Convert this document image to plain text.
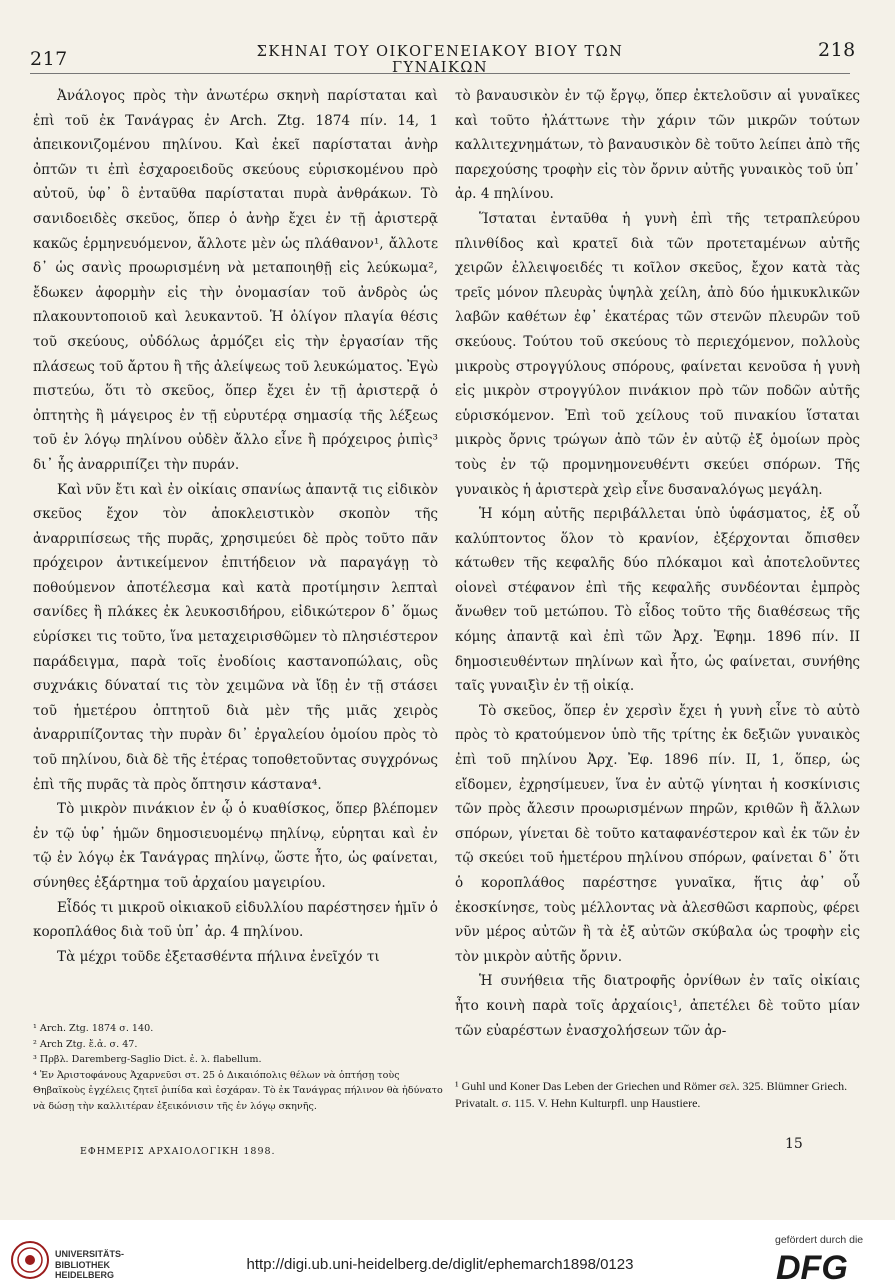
217	ΣΚΗΝΑΙ ΤΟΥ ΟΙΚΟΓΕΝΕΙΑΚΟΥ ΒΙΟΥ ΤΩΝ ΓΥΝΑΙΚΩΝ
218

Ἀνάλογος πρὸς τὴν ἀνωτέρω σκηνὴ παρίσταται καὶ ἐπὶ τοῦ ἐκ Τανάγρας ἐν Arch. Ztg. 1874 πίν. 14, 1 ἀπεικονιζομένου πηλίνου. Καὶ ἐκεῖ παρίσταται ἀνὴρ ὀπτῶν τι ἐπὶ ἐσχαροειδοῦς σκεύους εὑρισκομένου πρὸ αὐτοῦ, ὑφ᾽ ὃ ἐνταῦθα παρίσταται πυρὰ ἀνθράκων. Τὸ σανιδοειδὲς σκεῦος, ὅπερ ὁ ἀνὴρ ἔχει ἐν τῇ ἀριστερᾷ κακῶς ἑρμηνευόμενον, ἄλλοτε μὲν ὡς πλάθανον¹, ἄλλοτε δ᾽ ὡς σανὶς προωρισμένη νὰ μεταποιηθῇ εἰς λεύκωμα², ἔδωκεν ἀφορμὴν εἰς τὴν ὀνομασίαν τοῦ ἀνδρὸς ὡς πλακουντοποιοῦ καὶ λευκαντοῦ. Ἡ ὀλίγον πλαγία θέσις τοῦ σκεύους, οὐδόλως ἁρμόζει εἰς τὴν ἐργασίαν τῆς πλάσεως τοῦ ἄρτου ἢ τῆς ἀλείψεως τοῦ λευκώματος. Ἐγὼ πιστεύω, ὅτι τὸ σκεῦος, ὅπερ ἔχει ἐν τῇ ἀριστερᾷ ὁ ὀπτητὴς ἢ μάγειρος ἐν τῇ εὐρυτέρᾳ σημασίᾳ τῆς λέξεως τοῦ ἐν λόγῳ πηλίνου οὐδὲν ἄλλο εἶνε ἢ πρόχειρος ῥιπὶς³ δι᾽ ἧς ἀναρριπίζει τὴν πυράν.

Καὶ νῦν ἔτι καὶ ἐν οἰκίαις σπανίως ἀπαντᾷ τις εἰδικὸν σκεῦος ἔχον τὸν ἀποκλειστικὸν σκοπὸν τῆς ἀναρριπίσεως τῆς πυρᾶς, χρησιμεύει δὲ πρὸς τοῦτο πᾶν πρόχειρον ἀντικείμενον ἐπιτήδειον νὰ παραγάγῃ τὸ ποθούμενον ἀποτέλεσμα καὶ κατὰ προτίμησιν λεπταὶ σανίδες ἢ πλάκες ἐκ λευκοσιδήρου, εἰδικώτερον δ᾽ ὅμως εὑρίσκει τις τοῦτο, ἵνα μεταχειρισθῶμεν τὸ πλησιέστερον παράδειγμα, παρὰ τοῖς ἐνοδίοις καστανοπώλαις, οὓς συχνάκις δύναταί τις τὸν χειμῶνα νὰ ἴδῃ ἐν τῇ στάσει τοῦ ἡμετέρου ὀπτητοῦ διὰ μὲν τῆς μιᾶς χειρὸς ἀναρριπίζοντας τὴν πυρὰν δι᾽ ἐργαλείου ὁμοίου πρὸς τὸ τοῦ πηλίνου, διὰ δὲ τῆς ἑτέρας τοποθετοῦντας συγχρόνως ἐπὶ τῆς πυρᾶς τὰ πρὸς ὄπτησιν κάστανα⁴.

Τὸ μικρὸν πινάκιον ἐν ᾧ ὁ κυαθίσκος, ὅπερ βλέπομεν ἐν τῷ ὑφ᾽ ἡμῶν δημοσιευομένῳ πηλίνῳ, εὑρηται καὶ ἐν τῷ ἐν λόγῳ ἐκ Τανάγρας πηλίνῳ, ὥστε ἦτο, ὡς φαίνεται, σύνηθες ἐξάρτημα τοῦ ἀρχαίου μαγειρίου.

Εἶδός τι μικροῦ οἰκιακοῦ εἰδυλλίου παρέστησεν ἡμῖν ὁ κοροπλάθος διὰ τοῦ ὑπ᾽ ἀρ. 4 πηλίνου.

Τὰ μέχρι τοῦδε ἐξετασθέντα πήλινα ἐνεῖχόν τι

τὸ βαναυσικὸν ἐν τῷ ἔργῳ, ὅπερ ἐκτελοῦσιν αἱ γυναῖκες καὶ τοῦτο ἠλάττωνε τὴν χάριν τῶν μικρῶν τούτων καλλιτεχνημάτων, τὸ βαναυσικὸν δὲ τοῦτο λείπει ἀπὸ τῆς παρεχούσης τροφὴν εἰς τὸν ὄρνιν αὐτῆς γυναικὸς τοῦ ὑπ᾽ ἀρ. 4 πηλίνου.

Ἵσταται ἐνταῦθα ἡ γυνὴ ἐπὶ τῆς τετραπλεύρου πλινθίδος καὶ κρατεῖ διὰ τῶν προτεταμένων αὐτῆς χειρῶν ἐλλειψοειδές τι κοῖλον σκεῦος, ἔχον κατὰ τὰς τρεῖς μόνον πλευρὰς ὑψηλὰ χείλη, ἀπὸ δύο ἡμικυκλικῶν λαβῶν καθέτων ἐφ᾽ ἑκατέρας τῶν στενῶν πλευρῶν τοῦ σκεύους. Τούτου τοῦ σκεύους τὸ περιεχόμενον, πολλοὺς μικροὺς στρογγύλους σπόρους, φαίνεται κενοῦσα ἡ γυνὴ εἰς μικρὸν στρογγύλον πινάκιον πρὸ τῶν ποδῶν αὐτῆς εὑρισκόμενον. Ἐπὶ τοῦ χείλους τοῦ πινακίου ἵσταται μικρὸς ὄρνις τρώγων ἀπὸ τῶν ἐν αὐτῷ ἐξ ὁμοίων πρὸς τοὺς ἐν τῷ προμνημονευθέντι σκεύει σπόρων. Τῆς γυναικὸς ἡ ἀριστερὰ χεὶρ εἶνε δυσαναλόγως μεγάλη.

Ἡ κόμη αὐτῆς περιβάλλεται ὑπὸ ὑφάσματος, ἐξ οὗ καλύπτοντος ὅλον τὸ κρανίον, ἐξέρχονται ὄπισθεν κάτωθεν τῆς κεφαλῆς δύο πλόκαμοι καὶ ἀποτελοῦντες οἱονεὶ στέφανον ἐπὶ τῆς κεφαλῆς συνδέονται ἐμπρὸς ἄνωθεν τοῦ μετώπου. Τὸ εἶδος τοῦτο τῆς διαθέσεως τῆς κόμης ἀπαντᾷ καὶ ἐπὶ τῶν Ἀρχ. Ἐφημ. 1896 πίν. ΙΙ δημοσιευθέντων πηλίνων καὶ ἦτο, ὡς φαίνεται, συνήθης ταῖς γυναιξὶν ἐν τῇ οἰκίᾳ.

Τὸ σκεῦος, ὅπερ ἐν χερσὶν ἔχει ἡ γυνὴ εἶνε τὸ αὐτὸ πρὸς τὸ κρατούμενον ὑπὸ τῆς τρίτης ἐκ δεξιῶν γυναικὸς ἐπὶ τοῦ πηλίνου Ἀρχ. Ἐφ. 1896 πίν. ΙΙ, 1, ὅπερ, ὡς εἴδομεν, ἐχρησίμευεν, ἵνα ἐν αὐτῷ γίνηται ἡ κοσκίνισις τῶν πρὸς ἄλεσιν προωρισμένων πηρῶν, κριθῶν ἢ ἄλλων σπόρων, γίνεται δὲ τοῦτο καταφανέστερον καὶ ἐκ τῶν ἐν τῷ σκεύει τοῦ ἡμετέρου πηλίνου σπόρων, φαίνεται δ᾽ ὅτι ὁ κοροπλάθος παρέστησε γυναῖκα, ἥτις ἀφ᾽ οὗ ἐκοσκίνησε, τοὺς μέλλοντας νὰ ἀλεσθῶσι καρποὺς, φέρει νῦν μέρος αὐτῶν ἢ τὰ ἐξ αὐτῶν σκύβαλα ὡς τροφὴν εἰς τὸν μικρὸν αὐτῆς ὄρνιν.

Ἡ συνήθεια τῆς διατροφῆς ὀρνίθων ἐν ταῖς οἰκίαις ἦτο κοινὴ παρὰ τοῖς ἀρχαίοις¹, ἀπετέλει δὲ τοῦτο μίαν τῶν εὐαρέστων ἐνασχολήσεων τῶν ἀρ-

¹ Arch. Ztg. 1874 σ. 140.

² Arch Ztg. ἔ.ἀ. σ. 47.

³ Πρβλ. Daremberg-Saglio Dict. ἐ. λ. flabellum.

⁴ Ἐν Ἀριστοφάνους Ἀχαρνεῦσι στ. 25 ὁ Δικαιόπολις θέλων νὰ ὀπτήσῃ τοὺς Θηβαϊκοὺς ἐγχέλεις ζητεῖ ῥιπίδα καὶ ἐσχάραν. Τὸ ἐκ Τανάγρας πήλινον θὰ ἠδύνατο νὰ δώσῃ τὴν καλλιτέραν ἐξεικόνισιν τῆς ἐν λόγῳ σκηνῆς.

¹ Guhl und Koner Das Leben der Griechen und Römer σελ. 325. Blümner Griech. Privatalt. σ. 115. V. Hehn Kulturpfl. unp Haustiere.

ΕΦΗΜΕΡΙΣ ΑΡΧΑΙΟΛΟΓΙΚΗ 1898.	15
UNIVERSITÄTS-
BIBLIOTHEK
HEIDELBERG
http://digi.ub.uni-heidelberg.de/diglit/ephemarch1898/0123
gefördert durch die
DFG
